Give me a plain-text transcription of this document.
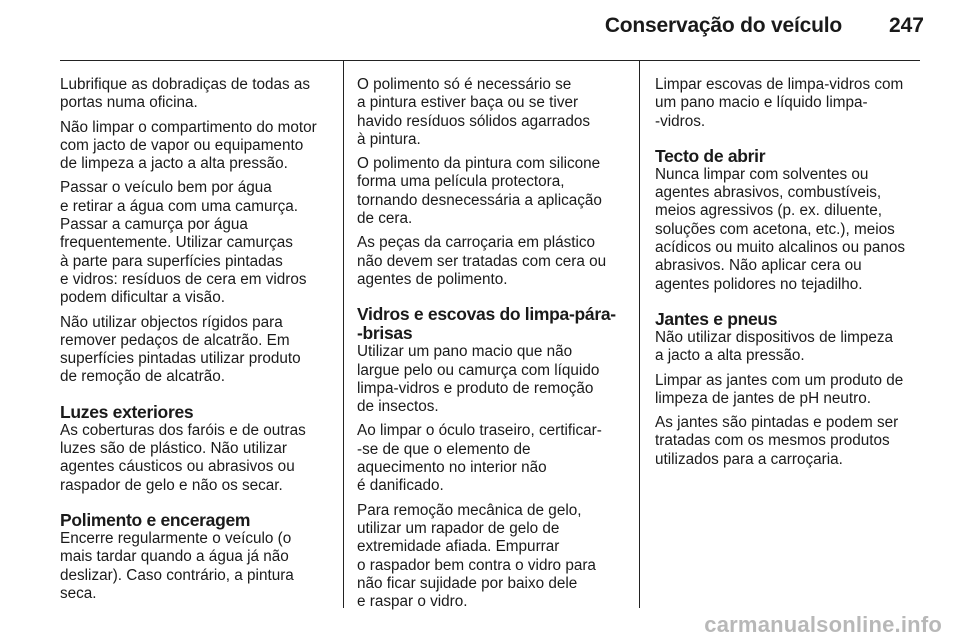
Conservação do veículo 247

Lubrifique as dobradiças de todas as
portas numa oficina.

Não limpar o compartimento do motor
com jacto de vapor ou equipamento
de limpeza a jacto a alta pressão.

Passar o veículo bem por água
e retirar a água com uma camurça.
Passar a camurça por água
frequentemente. Utilizar camurças
à parte para superfícies pintadas
e vidros: resíduos de cera em vidros
podem dificultar a visão.

Não utilizar objectos rígidos para
remover pedaços de alcatrão. Em
superfícies pintadas utilizar produto
de remoção de alcatrão.

Luzes exteriores

As coberturas dos faróis e de outras
luzes são de plástico. Não utilizar
agentes cáusticos ou abrasivos ou
raspador de gelo e não os secar.

Polimento e enceragem

Encerre regularmente o veículo (o
mais tardar quando a água já não
deslizar). Caso contrário, a pintura
seca.

O polimento só é necessário se
a pintura estiver baça ou se tiver
havido resíduos sólidos agarrados
à pintura.

O polimento da pintura com silicone
forma uma película protectora,
tornando desnecessária a aplicação
de cera.

As peças da carroçaria em plástico
não devem ser tratadas com cera ou
agentes de polimento.

Vidros e escovas do limpa-pára-
-brisas

Utilizar um pano macio que não
largue pelo ou camurça com líquido
limpa-vidros e produto de remoção
de insectos.

Ao limpar o óculo traseiro, certificar-
-se de que o elemento de
aquecimento no interior não
é danificado.

Para remoção mecânica de gelo,
utilizar um rapador de gelo de
extremidade afiada. Empurrar
o raspador bem contra o vidro para
não ficar sujidade por baixo dele
e raspar o vidro.

Limpar escovas de limpa-vidros com
um pano macio e líquido limpa-
-vidros.

Tecto de abrir

Nunca limpar com solventes ou
agentes abrasivos, combustíveis,
meios agressivos (p. ex. diluente,
soluções com acetona, etc.), meios
acídicos ou muito alcalinos ou panos
abrasivos. Não aplicar cera ou
agentes polidores no tejadilho.

Jantes e pneus

Não utilizar dispositivos de limpeza
a jacto a alta pressão.

Limpar as jantes com um produto de
limpeza de jantes de pH neutro.

As jantes são pintadas e podem ser
tratadas com os mesmos produtos
utilizados para a carroçaria.

carmanualsonline.info
